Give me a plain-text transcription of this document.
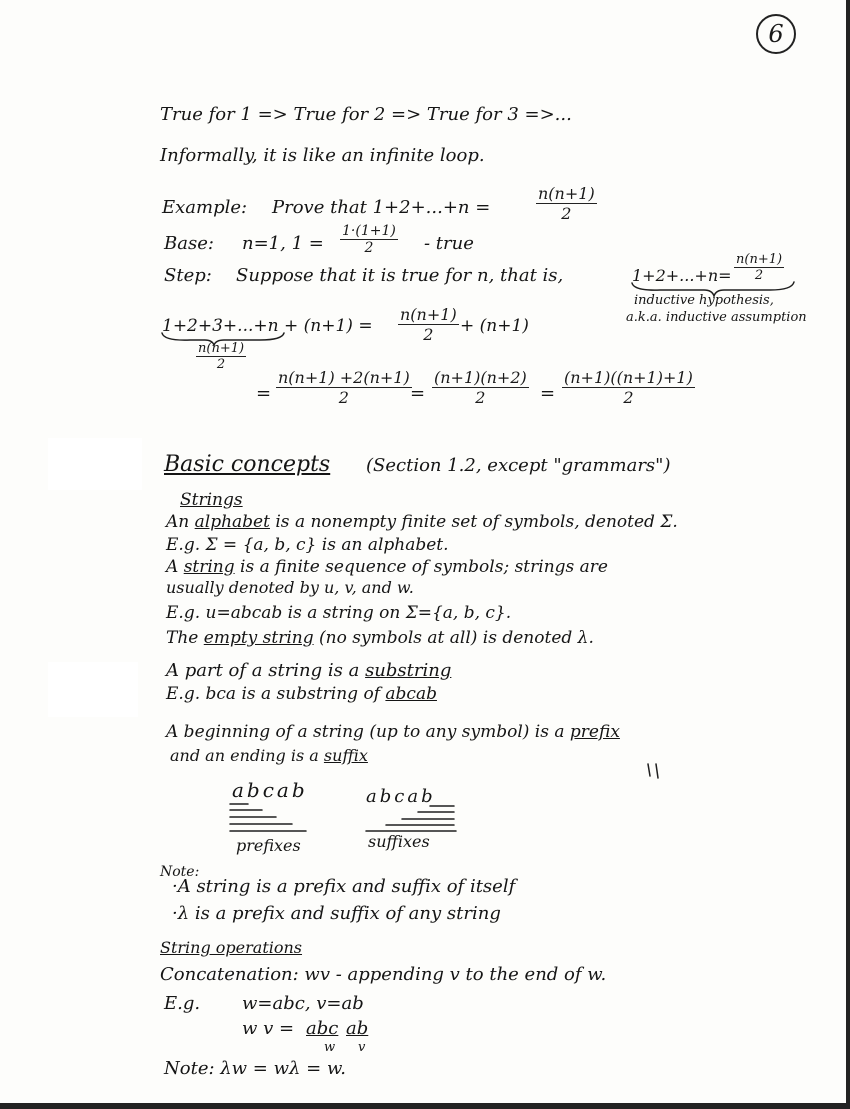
6
True for 1 => True for 2 => True for 3 =>...
Informally, it is like an infinite loop.
Example: Prove that 1+2+...+n =	$\frac{n(n+1)}{2}$
Base: n=1, $1 = \frac{1\cdot(1+1)}{2}$ - true
Step: Suppose that it is true for n, that is,	$1+2+...+n= \frac{n(n+1)}{2}$
inductive hypothesis,
a.k.a. inductive assumption
1+2+3+...+n + (n+1) =
$\frac{n(n+1)}{2}$
$\frac{n(n+1)}{2} + (n+1)$
= $\frac{n(n+1) +2(n+1)}{2}$
= $\frac{(n+1)(n+2)}{2} = \frac{(n+1)((n+1)+1)}{2}$
Basic concepts (Section 1.2, except "grammars")
Strings
An alphabet is a nonempty finite set of symbols, denoted Σ.
E.g. Σ = {a, b, c} is an alphabet.
A string is a finite sequence of symbols; strings are
usually denoted by u, v, and w.
E.g. u=abcab is a string on Σ={a, b, c}.
The empty string (no symbols at all) is denoted λ.
A part of a string is a substring
E.g. bca is a substring of abcab
A beginning of a string (up to any symbol) is a prefix
and an ending is a suffix
abcab
prefixes
abcab
suffixes
Note:
·A string is a prefix and suffix of itself
·λ is a prefix and suffix of any string
String operations
Concatenation: wv - appending v to the end of w.
E.g. w=abc, v=ab
w v = abc ab
w v
Note: λw = wλ = w.
